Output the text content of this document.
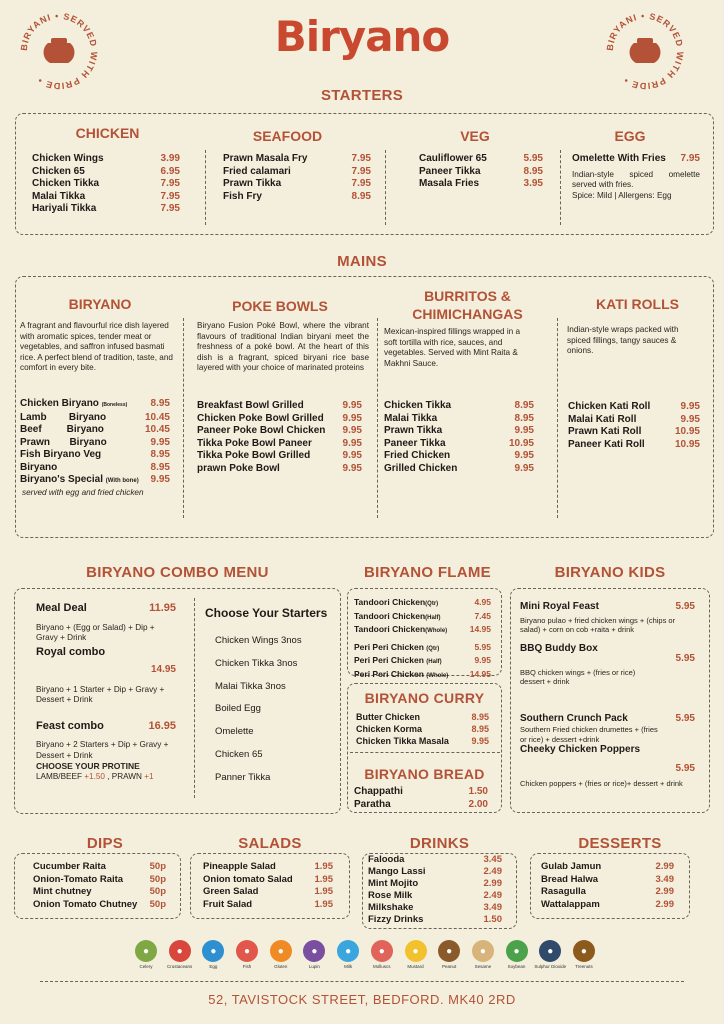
BIRYANI • SERVED WITH PRIDE •
BIRYANI • SERVED WITH PRIDE •
Biryano
STARTERS
CHICKEN
Chicken Wings	3.99
Chicken 65	6.95
Chicken Tikka	7.95
Malai Tikka	7.95
Hariyali Tikka	7.95
SEAFOOD
Prawn Masala Fry	7.95
Fried calamari	7.95
Prawn Tikka	7.95
Fish Fry	8.95
VEG
Cauliflower 65	5.95
Paneer Tikka	8.95
Masala Fries	3.95
EGG
Omelette With Fries 7.95
Indian-style spiced omelette served with fries.
Spice: Mild | Allergens: Egg
MAINS
BIRYANO
A fragrant and flavourful rice dish layered with aromatic spices, tender meat or vegetables, and saffron infused basmati rice. A perfect blend of tradition, taste, and comfort in every bite.
Chicken Biryano (Boneless) 8.95
Lamb        Biryano	10.45
Beef         Biryano	10.45
Prawn       Biryano	9.95
Fish Biryano Veg	8.95
Biryano	8.95
Biryano's Special (With bone) 9.95
served with egg and fried chicken
POKE BOWLS
Biryano Fusion Poké Bowl, where the vibrant flavours of traditional Indian biryani meet the freshness of a poké bowl. At the heart of this dish is a fragrant, spiced biryani rice base layered with your choice of marinated proteins
Breakfast Bowl Grilled	9.95
Chicken Poke Bowl Grilled 9.95
Paneer Poke Bowl Chicken 9.95
Tikka Poke Bowl Paneer	9.95
Tikka Poke Bowl Grilled	9.95
prawn Poke Bowl	9.95
BURRITOS &
CHIMICHANGAS
Mexican-inspired fillings wrapped in a soft tortilla with rice, sauces, and vegetables. Served with Mint Raita & Makhni Sauce.
Chicken Tikka	8.95
Malai Tikka	8.95
Prawn Tikka	9.95
Paneer Tikka	10.95
Fried Chicken	9.95
Grilled Chicken	9.95
KATI ROLLS
Indian-style wraps packed with spiced fillings, tangy sauces & onions.
Chicken Kati Roll	9.95
Malai Kati Roll	9.95
Prawn Kati Roll	10.95
Paneer Kati Roll	10.95
BIRYANO COMBO MENU
Meal Deal	11.95
Biryano + (Egg or Salad) + Dip + Gravy + Drink
Royal combo
14.95
Biryano + 1 Starter + Dip + Gravy + Dessert + Drink
Feast combo	16.95
Biryano + 2 Starters + Dip + Gravy + Dessert + Drink
CHOOSE YOUR PROTINE
LAMB/BEEF +1.50 , PRAWN +1
Choose Your Starters
Chicken Wings 3nos
Chicken Tikka 3nos
Malai Tikka 3nos
Boiled Egg
Omelette
Chicken 65
Panner Tikka
BIRYANO FLAME
Tandoori Chicken(Qtr)	4.95
Tandoori Chicken(Half)	7.45
Tandoori Chicken(Whole)	14.95
Peri Peri Chicken (Qtr)	5.95
Peri Peri Chicken (Half)	9.95
Peri Peri Chicken (Whole)	14.95
BIRYANO CURRY
Butter Chicken	8.95
Chicken Korma	8.95
Chicken Tikka Masala	9.95
BIRYANO BREAD
Chappathi	1.50
Paratha	2.00
BIRYANO KIDS
Mini Royal Feast	5.95
Biryano pulao + fried chicken wings + (chips or salad) + corn on cob +raita + drink
BBQ Buddy Box
5.95
BBQ chicken wings + (fries or rice) dessert + drink
Southern Crunch Pack	5.95
Southern Fried chicken drumettes + (fries or rice) + dessert +drink
Cheeky Chicken Poppers
5.95
Chicken poppers + (fries or rice)+ dessert + drink
DIPS
Cucumber Raita	50p
Onion-Tomato Raita	50p
Mint chutney	50p
Onion Tomato Chutney 50p
SALADS
Pineapple Salad	1.95
Onion tomato Salad 1.95
Green Salad	1.95
Fruit Salad	1.95
DRINKS
Falooda	3.45
Mango Lassi	2.49
Mint Mojito	2.99
Rose Milk	2.49
Milkshake	3.49
Fizzy Drinks	1.50
DESSERTS
Gulab Jamun	2.99
Bread Halwa	3.49
Rasagulla	2.99
Wattalappam	2.99
●
Celery
●
Crustaceans
●
Egg
●
Fish
●
Gluten
●
Lupin
●
Milk
●
Molluscs
●
Mustard
●
Peanut
●
Sesame
●
Soybean
●
Sulphur Dioxide
●
Treenuts
52, TAVISTOCK STREET, BEDFORD. MK40 2RD
